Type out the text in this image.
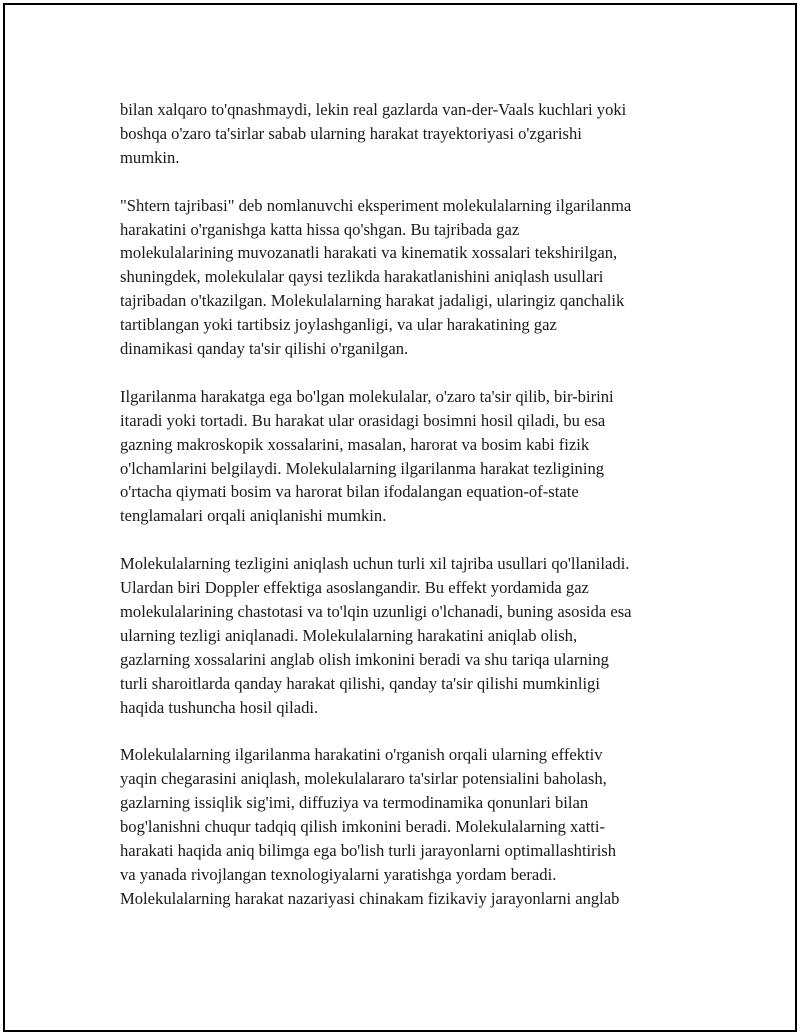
bilan xalqaro to'qnashmaydi, lekin real gazlarda van-der-Vaals kuchlari yoki
boshqa o'zaro ta'sirlar sabab ularning harakat trayektoriyasi o'zgarishi
mumkin.

"Shtern tajribasi" deb nomlanuvchi eksperiment molekulalarning ilgarilanma
harakatini o'rganishga katta hissa qo'shgan. Bu tajribada gaz
molekulalarining muvozanatli harakati va kinematik xossalari tekshirilgan,
shuningdek, molekulalar qaysi tezlikda harakatlanishini aniqlash usullari
tajribadan o'tkazilgan. Molekulalarning harakat jadaligi, ularingiz qanchalik
tartiblangan yoki tartibsiz joylashganligi, va ular harakatining gaz
dinamikasi qanday ta'sir qilishi o'rganilgan.

Ilgarilanma harakatga ega bo'lgan molekulalar, o'zaro ta'sir qilib, bir-birini
itaradi yoki tortadi. Bu harakat ular orasidagi bosimni hosil qiladi, bu esa
gazning makroskopik xossalarini, masalan, harorat va bosim kabi fizik
o'lchamlarini belgilaydi. Molekulalarning ilgarilanma harakat tezligining
o'rtacha qiymati bosim va harorat bilan ifodalangan equation-of-state
tenglamalari orqali aniqlanishi mumkin.

Molekulalarning tezligini aniqlash uchun turli xil tajriba usullari qo'llaniladi.
Ulardan biri Doppler effektiga asoslangandir. Bu effekt yordamida gaz
molekulalarining chastotasi va to'lqin uzunligi o'lchanadi, buning asosida esa
ularning tezligi aniqlanadi. Molekulalarning harakatini aniqlab olish,
gazlarning xossalarini anglab olish imkonini beradi va shu tariqa ularning
turli sharoitlarda qanday harakat qilishi, qanday ta'sir qilishi mumkinligi
haqida tushuncha hosil qiladi.

Molekulalarning ilgarilanma harakatini o'rganish orqali ularning effektiv
yaqin chegarasini aniqlash, molekulalararo ta'sirlar potensialini baholash,
gazlarning issiqlik sig'imi, diffuziya va termodinamika qonunlari bilan
bog'lanishni chuqur tadqiq qilish imkonini beradi. Molekulalarning xatti-
harakati haqida aniq bilimga ega bo'lish turli jarayonlarni optimallashtirish
va yanada rivojlangan texnologiyalarni yaratishga yordam beradi.
Molekulalarning harakat nazariyasi chinakam fizikaviy jarayonlarni anglab
